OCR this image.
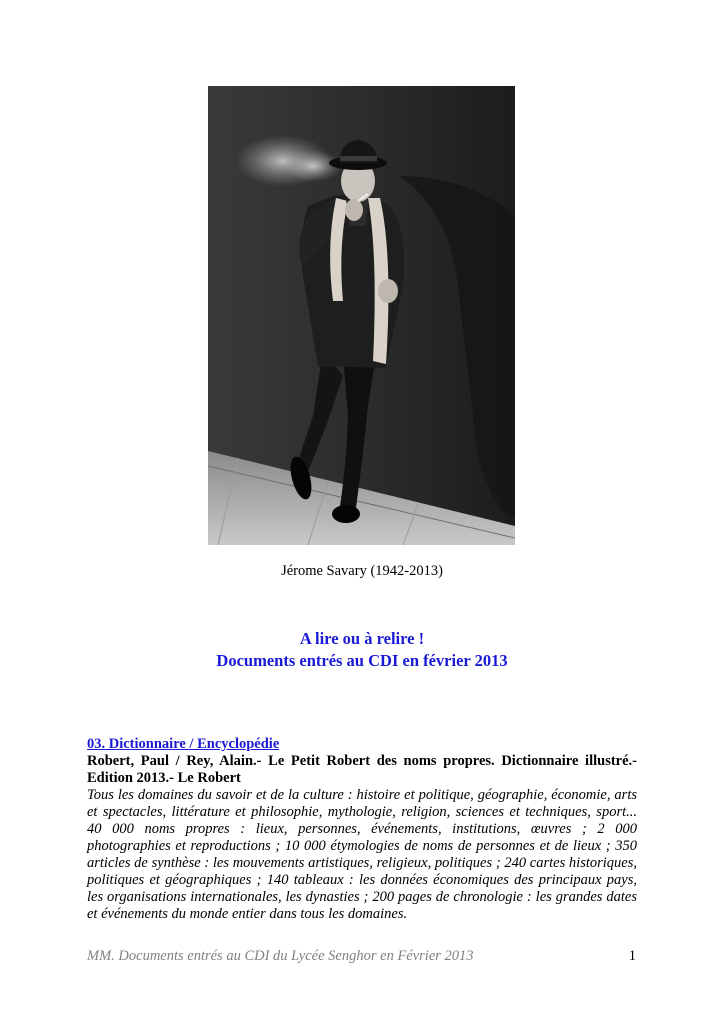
Jérome Savary (1942-2013)
A lire ou à relire !
Documents entrés au CDI en février 2013
03. Dictionnaire / Encyclopédie
Robert, Paul / Rey, Alain.- Le Petit Robert des noms propres. Dictionnaire illustré.- Edition 2013.- Le Robert
Tous les domaines du savoir et de la culture : histoire et politique, géographie, économie, arts et spectacles, littérature et philosophie, mythologie, religion, sciences et techniques, sport... 40 000 noms propres : lieux, personnes, événements, institutions, œuvres ; 2 000 photographies et reproductions ; 10 000 étymologies de noms de personnes et de lieux ; 350 articles de synthèse : les mouvements artistiques, religieux, politiques ; 240 cartes historiques, politiques et géographiques ; 140 tableaux : les données économiques des principaux pays, les organisations internationales, les dynasties ; 200 pages de chronologie : les grandes dates et événements du monde entier dans tous les domaines.
MM. Documents entrés au CDI du Lycée Senghor en Février 2013	1
